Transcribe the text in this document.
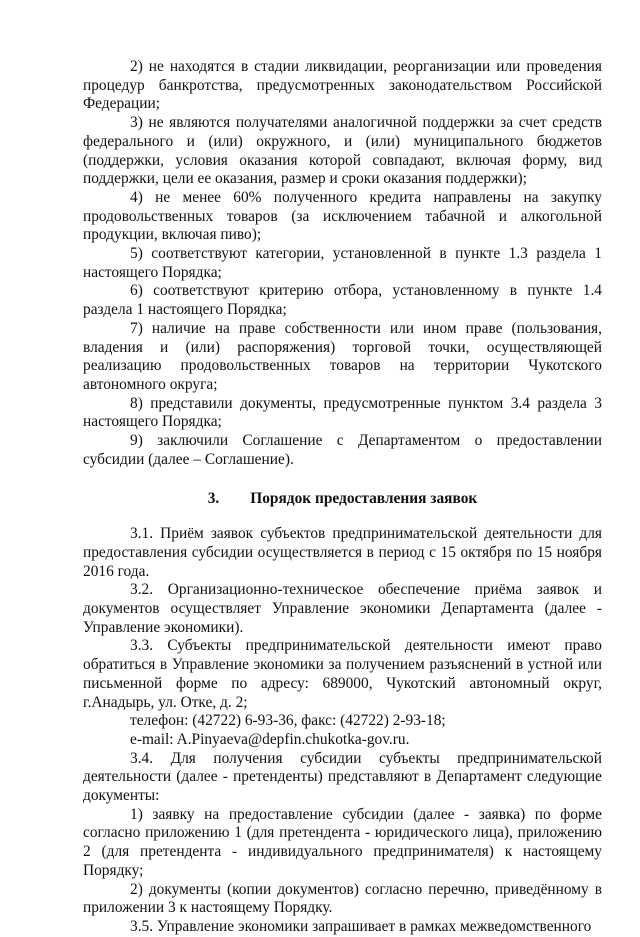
2) не находятся в стадии ликвидации, реорганизации или проведения процедур банкротства, предусмотренных законодательством Российской Федерации;

3) не являются получателями аналогичной поддержки за счет средств федерального и (или) окружного, и (или) муниципального бюджетов (поддержки, условия оказания которой совпадают, включая форму, вид поддержки, цели ее оказания, размер и сроки оказания поддержки);

4) не менее 60% полученного кредита направлены на закупку продовольственных товаров (за исключением табачной и алкогольной продукции, включая пиво);

5) соответствуют категории, установленной в пункте 1.3 раздела 1 настоящего Порядка;

6) соответствуют критерию отбора, установленному в пункте 1.4 раздела 1 настоящего Порядка;

7) наличие на праве собственности или ином праве (пользования, владения и (или) распоряжения) торговой точки, осуществляющей реализацию продовольственных товаров на территории Чукотского автономного округа;

8) представили документы, предусмотренные пунктом 3.4 раздела 3 настоящего Порядка;

9) заключили Соглашение с Департаментом о предоставлении субсидии (далее – Соглашение).

3. Порядок предоставления заявок

3.1. Приём заявок субъектов предпринимательской деятельности для предоставления субсидии осуществляется в период с 15 октября по 15 ноября 2016 года.

3.2. Организационно-техническое обеспечение приёма заявок и документов осуществляет Управление экономики Департамента (далее - Управление экономики).

3.3. Субъекты предпринимательской деятельности имеют право обратиться в Управление экономики за получением разъяснений в устной или письменной форме по адресу: 689000, Чукотский автономный округ, г.Анадырь, ул. Отке, д. 2;

телефон: (42722) 6-93-36, факс: (42722) 2-93-18;

e-mail: A.Pinyaeva@depfin.chukotka-gov.ru.

3.4. Для получения субсидии субъекты предпринимательской деятельности (далее - претенденты) представляют в Департамент следующие документы:

1) заявку на предоставление субсидии (далее - заявка) по форме согласно приложению 1 (для претендента - юридического лица), приложению 2 (для претендента - индивидуального предпринимателя) к настоящему Порядку;

2) документы (копии документов) согласно перечню, приведённому в приложении 3 к настоящему Порядку.

3.5. Управление экономики запрашивает в рамках межведомственного
